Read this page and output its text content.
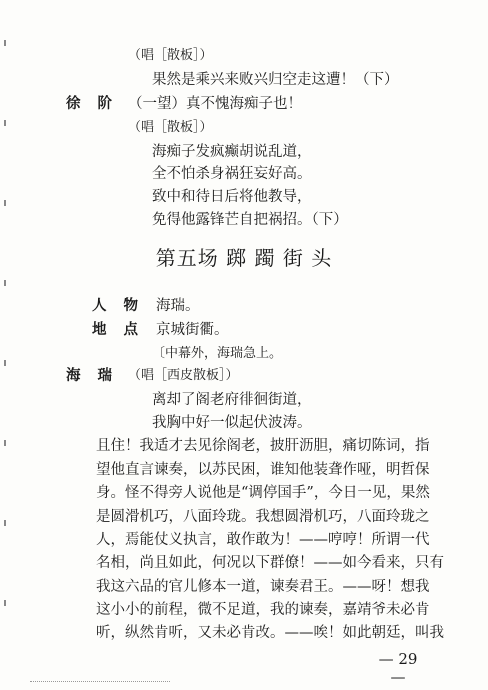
（唱［散板］）
果然是乘兴来败兴归空走这遭！（下）
徐 阶 （一望）真不愧海痴子也！
（唱［散板］）
海痴子发疯癫胡说乱道，
全不怕杀身祸狂妄好高。
致中和待日后将他教导，
免得他露锋芒自把祸招。（下）
第五场 踯 躅 街 头
人 物 海瑞。
地 点 京城街衢。
〔中幕外，海瑞急上。
海 瑞 （唱［西皮散板］）
离却了阁老府徘徊街道，
我胸中好一似起伏波涛。
且住！我适才去见徐阁老，披肝沥胆，痛切陈词，指
望他直言谏奏，以苏民困，谁知他装聋作哑，明哲保
身。怪不得旁人说他是“调停国手”，今日一见，果然
是圆滑机巧，八面玲珑。我想圆滑机巧，八面玲珑之
人，焉能仗义执言，敢作敢为！——哼哼！所谓一代
名相，尚且如此，何况以下群僚！——如今看来，只有
我这六品的官儿修本一道，谏奏君王。——呀！想我
这小小的前程，微不足道，我的谏奏，嘉靖爷未必肯
听，纵然肯听，又未必肯改。——唉！如此朝廷，叫我
— 29 —
